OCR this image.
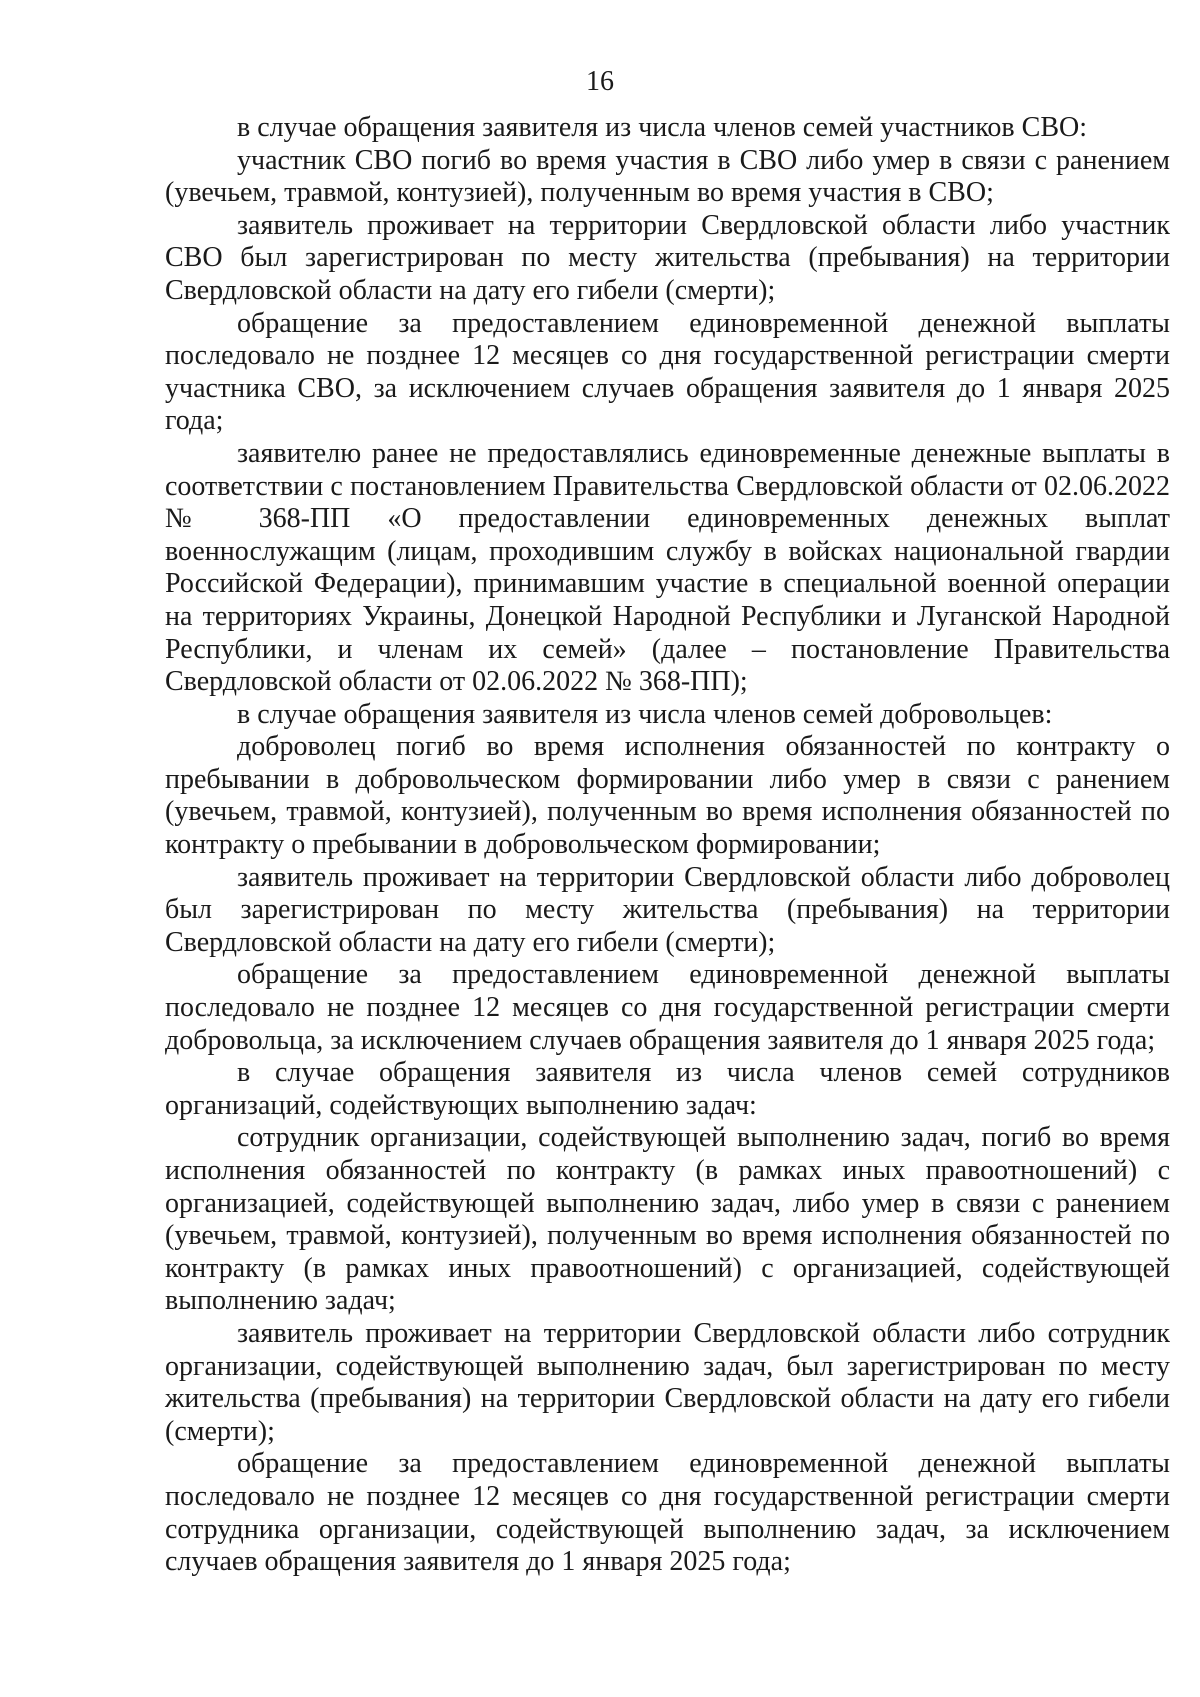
16

в случае обращения заявителя из числа членов семей участников СВО:

участник СВО погиб во время участия в СВО либо умер в связи с ранением (увечьем, травмой, контузией), полученным во время участия в СВО;

заявитель проживает на территории Свердловской области либо участник СВО был зарегистрирован по месту жительства (пребывания) на территории Свердловской области на дату его гибели (смерти);

обращение за предоставлением единовременной денежной выплаты последовало не позднее 12 месяцев со дня государственной регистрации смерти участника СВО, за исключением случаев обращения заявителя до 1 января 2025 года;

заявителю ранее не предоставлялись единовременные денежные выплаты в соответствии с постановлением Правительства Свердловской области от 02.06.2022 № 368-ПП «О предоставлении единовременных денежных выплат военнослужащим (лицам, проходившим службу в войсках национальной гвардии Российской Федерации), принимавшим участие в специальной военной операции на территориях Украины, Донецкой Народной Республики и Луганской Народной Республики, и членам их семей» (далее – постановление Правительства Свердловской области от 02.06.2022 № 368-ПП);

в случае обращения заявителя из числа членов семей добровольцев:

доброволец погиб во время исполнения обязанностей по контракту о пребывании в добровольческом формировании либо умер в связи с ранением (увечьем, травмой, контузией), полученным во время исполнения обязанностей по контракту о пребывании в добровольческом формировании;

заявитель проживает на территории Свердловской области либо доброволец был зарегистрирован по месту жительства (пребывания) на территории Свердловской области на дату его гибели (смерти);

обращение за предоставлением единовременной денежной выплаты последовало не позднее 12 месяцев со дня государственной регистрации смерти добровольца, за исключением случаев обращения заявителя до 1 января 2025 года;

в случае обращения заявителя из числа членов семей сотрудников организаций, содействующих выполнению задач:

сотрудник организации, содействующей выполнению задач, погиб во время исполнения обязанностей по контракту (в рамках иных правоотношений) с организацией, содействующей выполнению задач, либо умер в связи с ранением (увечьем, травмой, контузией), полученным во время исполнения обязанностей по контракту (в рамках иных правоотношений) с организацией, содействующей выполнению задач;

заявитель проживает на территории Свердловской области либо сотрудник организации, содействующей выполнению задач, был зарегистрирован по месту жительства (пребывания) на территории Свердловской области на дату его гибели (смерти);

обращение за предоставлением единовременной денежной выплаты последовало не позднее 12 месяцев со дня государственной регистрации смерти сотрудника организации, содействующей выполнению задач, за исключением случаев обращения заявителя до 1 января 2025 года;
